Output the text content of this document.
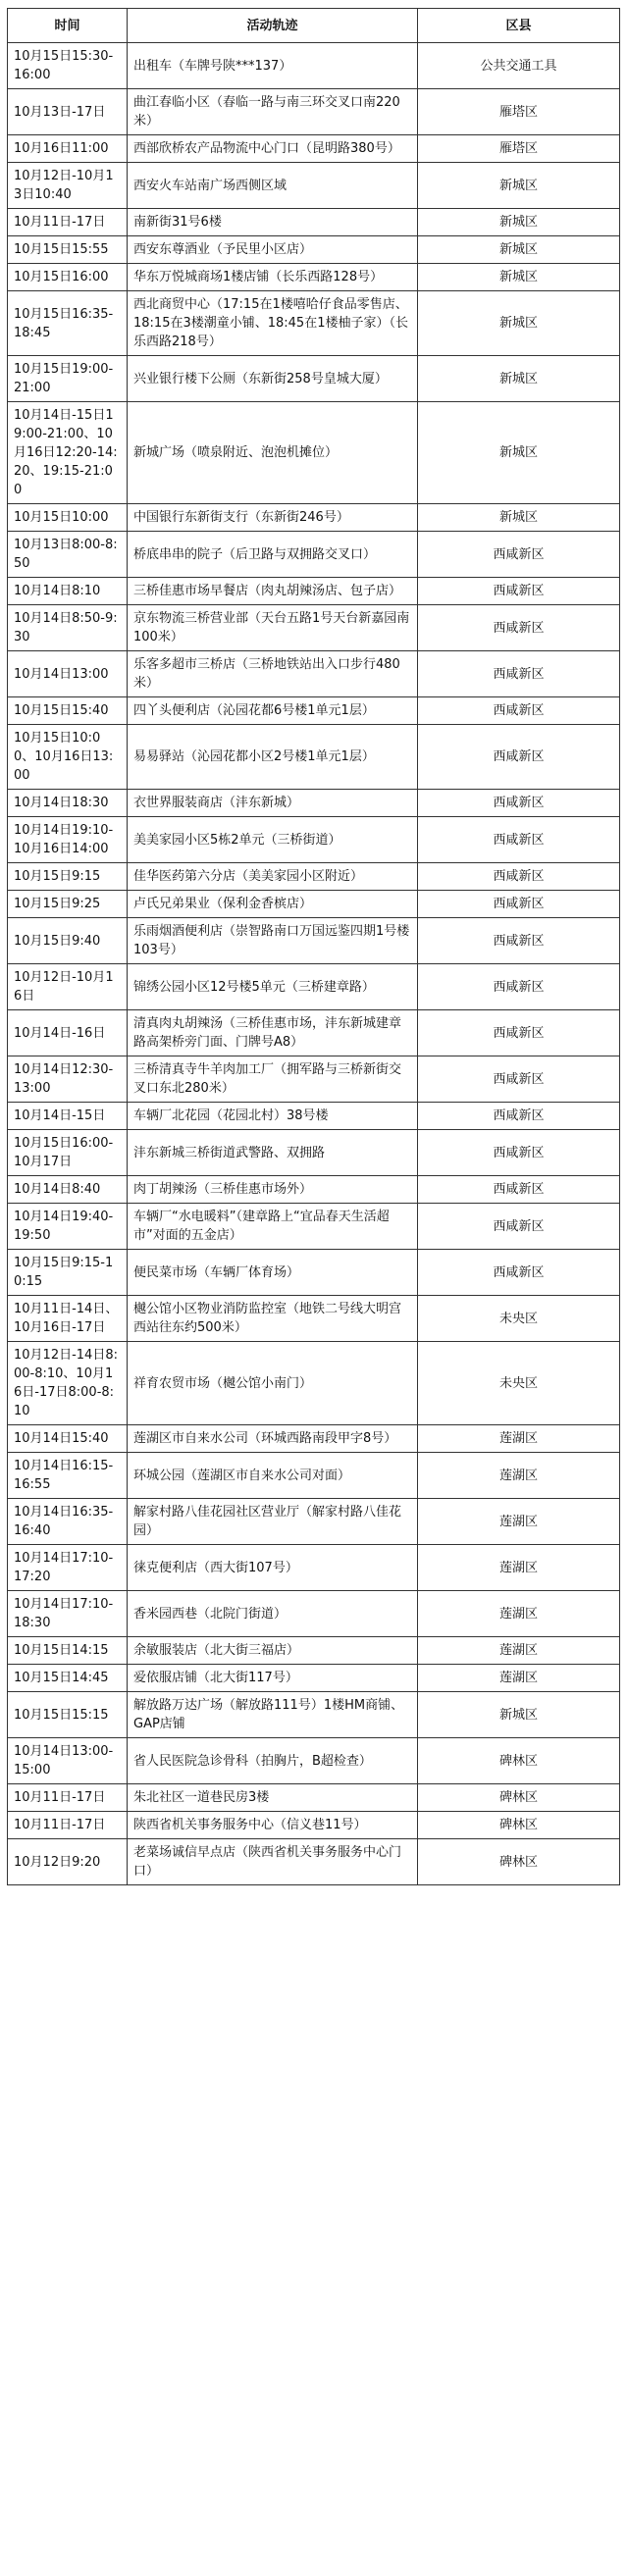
时间	活动轨迹	区县
10月15日15:30-16:00	出租车（车牌号陕***137）	公共交通工具
10月13日-17日	曲江春临小区（春临一路与南三环交叉口南220米）	雁塔区
10月16日11:00	西部欣桥农产品物流中心门口（昆明路380号）	雁塔区
10月12日-10月13日10:40	西安火车站南广场西侧区域	新城区
10月11日-17日	南新街31号6楼	新城区
10月15日15:55	西安东尊酒业（予民里小区店）	新城区
10月15日16:00	华东万悦城商场1楼店铺（长乐西路128号）	新城区
10月15日16:35-18:45	西北商贸中心（17:15在1楼嘻哈仔食品零售店、18:15在3楼潮童小铺、18:45在1楼柚子家）（长乐西路218号）	新城区
10月15日19:00-21:00	兴业银行楼下公厕（东新街258号皇城大厦）	新城区
10月14日-15日19:00-21:00、10月16日12:20-14:20、19:15-21:00	新城广场（喷泉附近、泡泡机摊位）	新城区
10月15日10:00	中国银行东新街支行（东新街246号）	新城区
10月13日8:00-8:50	桥底串串的院子（后卫路与双拥路交叉口）	西咸新区
10月14日8:10	三桥佳惠市场早餐店（肉丸胡辣汤店、包子店）	西咸新区
10月14日8:50-9:30	京东物流三桥营业部（天台五路1号天台新嘉园南100米）	西咸新区
10月14日13:00	乐客多超市三桥店（三桥地铁站出入口步行480米）	西咸新区
10月15日15:40	四丫头便利店（沁园花都6号楼1单元1层）	西咸新区
10月15日10:00、10月16日13:00	易易驿站（沁园花都小区2号楼1单元1层）	西咸新区
10月14日18:30	衣世界服装商店（沣东新城）	西咸新区
10月14日19:10-10月16日14:00	美美家园小区5栋2单元（三桥街道）	西咸新区
10月15日9:15	佳华医药第六分店（美美家园小区附近）	西咸新区
10月15日9:25	卢氏兄弟果业（保利金香槟店）	西咸新区
10月15日9:40	乐雨烟酒便利店（崇智路南口万国远鉴四期1号楼103号）	西咸新区
10月12日-10月16日	锦绣公园小区12号楼5单元（三桥建章路）	西咸新区
10月14日-16日	清真肉丸胡辣汤（三桥佳惠市场，沣东新城建章路高架桥旁门面、门牌号A8）	西咸新区
10月14日12:30-13:00	三桥清真寺牛羊肉加工厂（拥军路与三桥新街交叉口东北280米）	西咸新区
10月14日-15日	车辆厂北花园（花园北村）38号楼	西咸新区
10月15日16:00-10月17日	沣东新城三桥街道武警路、双拥路	西咸新区
10月14日8:40	肉丁胡辣汤（三桥佳惠市场外）	西咸新区
10月14日19:40-19:50	车辆厂“水电暖料”（建章路上“宜品春天生活超市”对面的五金店）	西咸新区
10月15日9:15-10:15	便民菜市场（车辆厂体育场）	西咸新区
10月11日-14日、10月16日-17日	樾公馆小区物业消防监控室（地铁二号线大明宫西站往东约500米）	未央区
10月12日-14日8:00-8:10、10月16日-17日8:00-8:10	祥育农贸市场（樾公馆小南门）	未央区
10月14日15:40	莲湖区市自来水公司（环城西路南段甲字8号）	莲湖区
10月14日16:15-16:55	环城公园（莲湖区市自来水公司对面）	莲湖区
10月14日16:35-16:40	解家村路八佳花园社区营业厅（解家村路八佳花园）	莲湖区
10月14日17:10-17:20	徕克便利店（西大街107号）	莲湖区
10月14日17:10-18:30	香米园西巷（北院门街道）	莲湖区
10月15日14:15	余敏服装店（北大街三福店）	莲湖区
10月15日14:45	爱依服店铺（北大街117号）	莲湖区
10月15日15:15	解放路万达广场（解放路111号）1楼HM商铺、GAP店铺	新城区
10月14日13:00-15:00	省人民医院急诊骨科（拍胸片，B超检查）	碑林区
10月11日-17日	朱北社区一道巷民房3楼	碑林区
10月11日-17日	陕西省机关事务服务中心（信义巷11号）	碑林区
10月12日9:20	老菜场诚信早点店（陕西省机关事务服务中心门口）	碑林区
